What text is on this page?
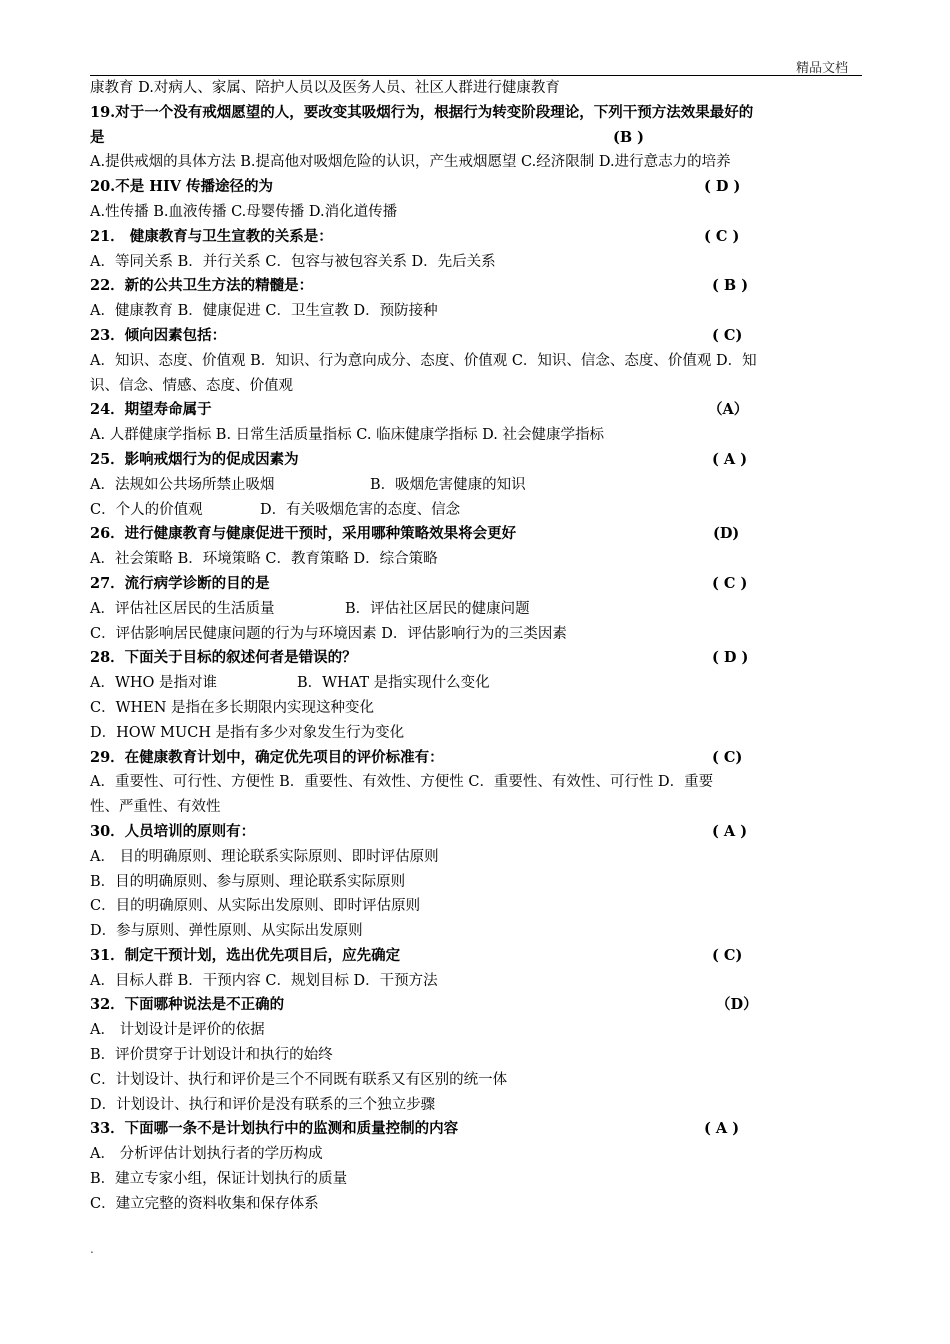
精品文档
康教育 D.对病人、家属、陪护人员以及医务人员、社区人群进行健康教育
19.对于一个没有戒烟愿望的人，要改变其吸烟行为，根据行为转变阶段理论，下列干预方法效果最好的
是	(B )
A.提供戒烟的具体方法 B.提高他对吸烟危险的认识，产生戒烟愿望 C.经济限制 D.进行意志力的培养
20.不是 HIV 传播途径的为	( D )
A.性传播 B.血液传播 C.母婴传播 D.消化道传播
21． 健康教育与卫生宣教的关系是：	( C )
A．等同关系 B．并行关系 C．包容与被包容关系 D．先后关系
22．新的公共卫生方法的精髓是：	( B )
A．健康教育 B．健康促进 C．卫生宣教 D．预防接种
23．倾向因素包括：	( C)
A．知识、态度、价值观 B．知识、行为意向成分、态度、价值观 C．知识、信念、态度、价值观 D．知
识、信念、情感、态度、价值观
24．期望寿命属于	（A）
A. 人群健康学指标 B. 日常生活质量指标 C. 临床健康学指标 D. 社会健康学指标
25．影响戒烟行为的促成因素为	( A )
A．法规如公共场所禁止吸烟	B．吸烟危害健康的知识
C．个人的价值观	D．有关吸烟危害的态度、信念
26．进行健康教育与健康促进干预时，采用哪种策略效果将会更好	(D)
A．社会策略 B．环境策略 C．教育策略 D．综合策略
27．流行病学诊断的目的是	( C )
A．评估社区居民的生活质量	B．评估社区居民的健康问题
C．评估影响居民健康问题的行为与环境因素 D．评估影响行为的三类因素
28．下面关于目标的叙述何者是错误的？	( D )
A．WHO 是指对谁	B．WHAT 是指实现什么变化
C．WHEN 是指在多长期限内实现这种变化
D．HOW MUCH 是指有多少对象发生行为变化
29．在健康教育计划中，确定优先项目的评价标准有：	( C)
A．重要性、可行性、方便性 B．重要性、有效性、方便性 C．重要性、有效性、可行性 D．重要
性、严重性、有效性
30．人员培训的原则有：	( A )
A． 目的明确原则、理论联系实际原则、即时评估原则
B．目的明确原则、参与原则、理论联系实际原则
C．目的明确原则、从实际出发原则、即时评估原则
D．参与原则、弹性原则、从实际出发原则
31．制定干预计划，选出优先项目后，应先确定	( C)
A．目标人群 B．干预内容 C．规划目标 D．干预方法
32．下面哪种说法是不正确的	（D）
A． 计划设计是评价的依据
B．评价贯穿于计划设计和执行的始终
C．计划设计、执行和评价是三个不同既有联系又有区别的统一体
D．计划设计、执行和评价是没有联系的三个独立步骤
33．下面哪一条不是计划执行中的监测和质量控制的内容	( A )
A． 分析评估计划执行者的学历构成
B．建立专家小组，保证计划执行的质量
C．建立完整的资料收集和保存体系
.
